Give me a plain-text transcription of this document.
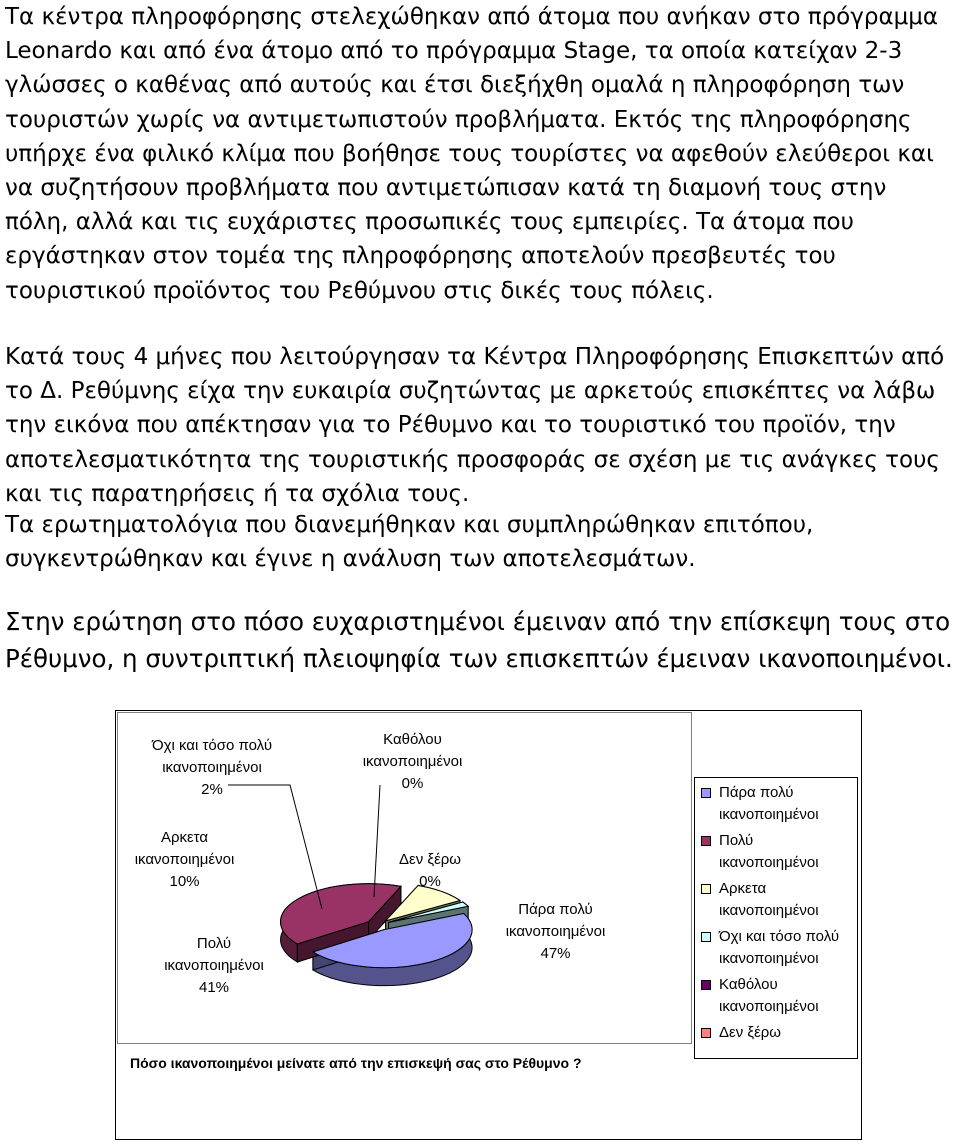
Τα κέντρα πληροφόρησης στελεχώθηκαν από άτομα που ανήκαν στο πρόγραμμα Leonardo και από ένα άτομο από το πρόγραμμα Stage, τα οποία κατείχαν 2-3 γλώσσες ο καθένας από αυτούς και έτσι διεξήχθη ομαλά η πληροφόρηση των τουριστών χωρίς να αντιμετωπιστούν προβλήματα. Εκτός της πληροφόρησης υπήρχε ένα φιλικό κλίμα που βοήθησε τους τουρίστες να αφεθούν ελεύθεροι και να συζητήσουν προβλήματα που αντιμετώπισαν κατά τη διαμονή τους στην πόλη, αλλά και τις ευχάριστες προσωπικές τους εμπειρίες. Τα άτομα που εργάστηκαν στον τομέα της πληροφόρησης αποτελούν πρεσβευτές του τουριστικού προϊόντος του Ρεθύμνου στις δικές τους πόλεις.

Κατά τους 4 μήνες που λειτούργησαν τα Κέντρα Πληροφόρησης Επισκεπτών από το Δ. Ρεθύμνης είχα την ευκαιρία συζητώντας με αρκετούς επισκέπτες να λάβω την εικόνα που απέκτησαν για το Ρέθυμνο και το τουριστικό του προϊόν, την αποτελεσματικότητα της τουριστικής προσφοράς σε σχέση με τις ανάγκες τους και τις παρατηρήσεις ή τα σχόλια τους.

Τα ερωτηματολόγια που διανεμήθηκαν και συμπληρώθηκαν επιτόπου, συγκεντρώθηκαν και έγινε η ανάλυση των αποτελεσμάτων.

Στην ερώτηση στο πόσο ευχαριστημένοι έμειναν από την επίσκεψη τους στο Ρέθυμνο, η συντριπτική πλειοψηφία των επισκεπτών έμειναν ικανοποιημένοι.

Όχι και τόσο πολύ
ικανοποιημένοι
2%
Καθόλου
ικανοποιημένοι
0%
Αρκετα
ικανοποιημένοι
10%
Δεν ξέρω
0%
Πάρα πολύ
ικανοποιημένοι
47%
Πολύ
ικανοποιημένοι
41%
Πάρα πολύ
ικανοποιημένοι
Πολύ
ικανοποιημένοι
Αρκετα
ικανοποιημένοι
Όχι και τόσο πολύ
ικανοποιημένοι
Καθόλου
ικανοποιημένοι
Δεν ξέρω
Πόσο ικανοποιημένοι μείνατε από την επισκεψή σας στο Ρέθυμνο ?
